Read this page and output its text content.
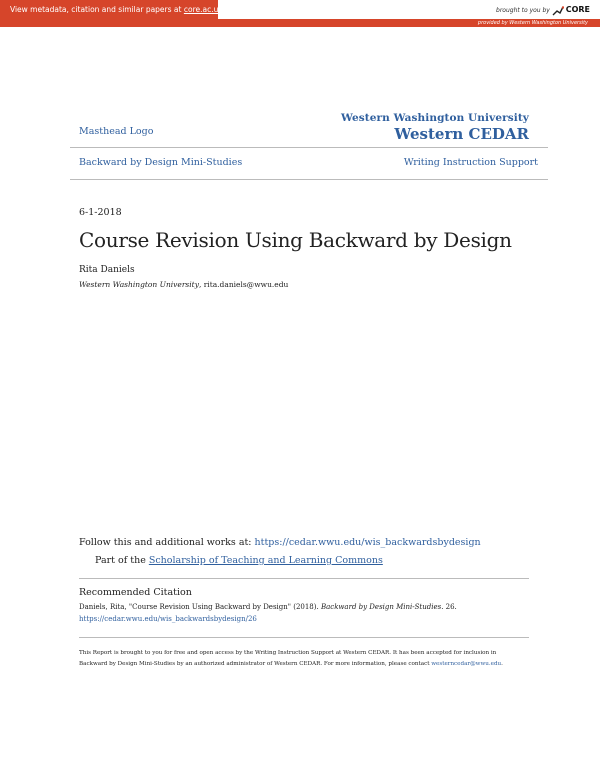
View metadata, citation and similar papers at core.ac.uk	brought to you by CORE
provided by Western Washington University
Masthead Logo
Western Washington University
Western CEDAR
Backward by Design Mini-Studies	Writing Instruction Support
6-1-2018
Course Revision Using Backward by Design
Rita Daniels
Western Washington University, rita.daniels@wwu.edu
Follow this and additional works at: https://cedar.wwu.edu/wis_backwardsbydesign
Part of the Scholarship of Teaching and Learning Commons
Recommended Citation
Daniels, Rita, "Course Revision Using Backward by Design" (2018). Backward by Design Mini-Studies. 26.
https://cedar.wwu.edu/wis_backwardsbydesign/26
This Report is brought to you for free and open access by the Writing Instruction Support at Western CEDAR. It has been accepted for inclusion in
Backward by Design Mini-Studies by an authorized administrator of Western CEDAR. For more information, please contact westerncedar@wwu.edu.
